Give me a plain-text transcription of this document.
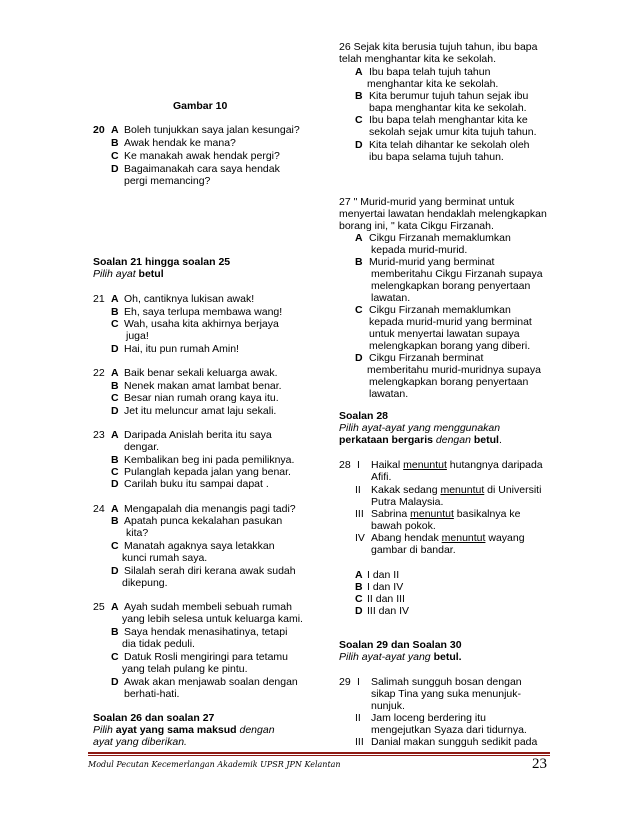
Gambar 10
20 A Boleh tunjukkan saya jalan kesungai?
B Awak hendak ke mana?
C Ke manakah awak hendak pergi?
D Bagaimanakah cara saya hendak
pergi memancing?
Soalan 21 hingga soalan 25
Pilih ayat betul
21 A Oh, cantiknya lukisan awak!
B Eh, saya terlupa membawa wang!
C Wah, usaha kita akhirnya berjaya
juga!
D Hai, itu pun rumah Amin!
22 A Baik benar sekali keluarga awak.
B Nenek makan amat lambat benar.
C Besar nian rumah orang kaya itu.
D Jet itu meluncur amat laju sekali.
23 A Daripada Anislah berita itu saya
dengar.
B Kembalikan beg ini pada pemiliknya.
C Pulanglah kepada jalan yang benar.
D Carilah buku itu sampai dapat .
24 A Mengapalah dia menangis pagi tadi?
B Apatah punca kekalahan pasukan
kita?
C Manatah agaknya saya letakkan
kunci rumah saya.
D Silalah serah diri kerana awak sudah
dikepung.
25 A Ayah sudah membeli sebuah rumah
yang lebih selesa untuk keluarga kami.
B Saya hendak menasihatinya, tetapi
dia tidak peduli.
C Datuk Rosli mengiringi para tetamu
yang telah pulang ke pintu.
D Awak akan menjawab soalan dengan
berhati-hati.
Soalan 26 dan soalan 27
Pilih ayat yang sama maksud dengan
ayat yang diberikan.
26 Sejak kita berusia tujuh tahun, ibu bapa
telah menghantar kita ke sekolah.
A Ibu bapa telah tujuh tahun
menghantar kita ke sekolah.
B Kita berumur tujuh tahun sejak ibu
bapa menghantar kita ke sekolah.
C Ibu bapa telah menghantar kita ke
sekolah sejak umur kita tujuh tahun.
D Kita telah dihantar ke sekolah oleh
ibu bapa selama tujuh tahun.
27 " Murid-murid yang berminat untuk
menyertai lawatan hendaklah melengkapkan
borang ini, " kata Cikgu Firzanah.
A Cikgu Firzanah memaklumkan
kepada murid-murid.
B Murid-murid yang berminat
memberitahu Cikgu Firzanah supaya
melengkapkan borang penyertaan
lawatan.
C Cikgu Firzanah memaklumkan
kepada murid-murid yang berminat
untuk menyertai lawatan supaya
melengkapkan borang yang diberi.
D Cikgu Firzanah berminat
memberitahu murid-muridnya supaya
melengkapkan borang penyertaan
lawatan.
Soalan 28
Pilih ayat-ayat yang menggunakan
perkataan bergaris dengan betul.
28 I Haikal menuntut hutangnya daripada
Afifi.
II Kakak sedang menuntut di Universiti
Putra Malaysia.
III Sabrina menuntut basikalnya ke
bawah pokok.
IV Abang hendak menuntut wayang
gambar di bandar.
A I dan II
B I dan IV
C II dan III
D III dan IV
Soalan 29 dan Soalan 30
Pilih ayat-ayat yang betul.
29 I Salimah sungguh bosan dengan
sikap Tina yang suka menunjuk-
nunjuk.
II Jam loceng berdering itu
mengejutkan Syaza dari tidurnya.
III Danial makan sungguh sedikit pada
Modul Pecutan Kecemerlangan Akademik UPSR JPN Kelantan	23
